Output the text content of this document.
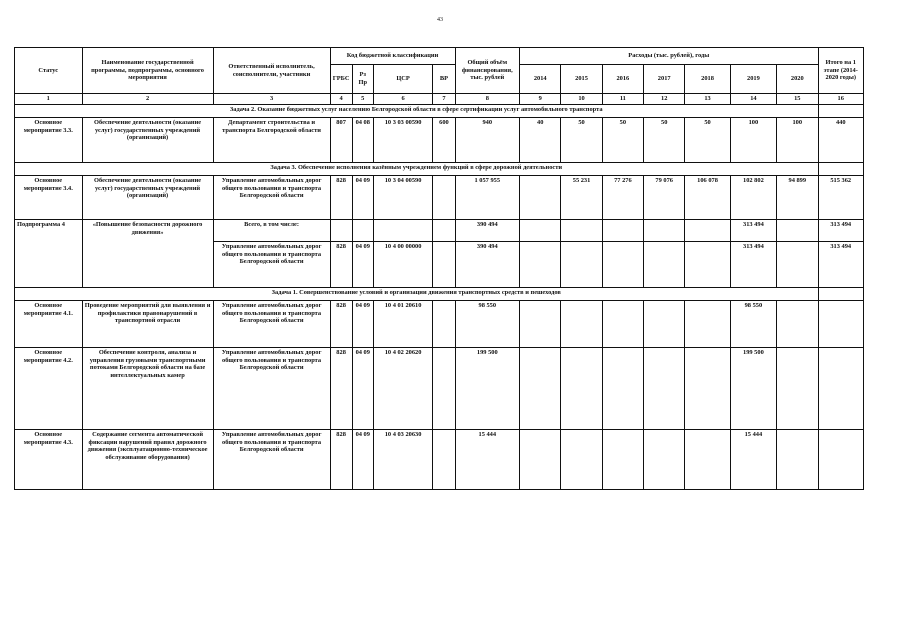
43
Статус	Наименование государственной программы, подпрограммы, основного мероприятия	Ответственный исполнитель, соисполнители, участники	Код бюджетной классификации				Общий объём финансирования, тыс. рублей	Расходы (тыс. рублей), годы							Итого на 1 этапе (2014-2020 годы)
			ГРБС	Рз Пр	ЦСР	ВР		2014	2015	2016	2017	2018	2019	2020	
1	2	3	4	5	6	7	8	9	10	11	12	13	14	15	16
Задача 2. Оказание бюджетных услуг населению Белгородской области в сфере сертификации услуг автомобильного транспорта															
Основное мероприятие 3.3.	Обеспечение деятельности (оказание услуг) государственных учреждений (организаций)	Департамент строительства и транспорта Белгородской области	807	04 08	10 3 03 00590	600	940	40	50	50	50	50	100	100	440
Задача 3. Обеспечение исполнения казённым учреждением функций в сфере дорожной деятельности															
Основное мероприятие 3.4.	Обеспечение деятельности (оказание услуг) государственных учреждений (организаций)	Управление автомобильных дорог общего пользования и транспорта Белгородской области	828	04 09	10 3 04 00590		1 057 955		55 231	77 276	79 076	106 078	102 802	94 899	515 362
Подпрограмма 4	«Повышение безопасности дорожного движения»	Всего, в том числе:					390 494						313 494		313 494
		Управление автомобильных дорог общего пользования и транспорта Белгородской области	828	04 09	10 4 00 00000		390 494						313 494		313 494
Задача 1. Совершенствование условий и организации движения транспортных средств и пешеходов															
Основное мероприятие 4.1.	Проведение мероприятий для выявления и профилактики правонарушений в транспортной отрасли	Управление автомобильных дорог общего пользования и транспорта Белгородской области	828	04 09	10 4 01 20610		98 550						98 550		
Основное мероприятие 4.2.	Обеспечение контроля, анализа и управления грузовыми транспортными потоками Белгородской области на базе интеллектуальных камер	Управление автомобильных дорог общего пользования и транспорта Белгородской области	828	04 09	10 4 02 20620		199 500						199 500		
Основное мероприятие 4.3.	Содержание сегмента автоматической фиксации нарушений правил дорожного движения (эксплуатационно-техническое обслуживание оборудования)	Управление автомобильных дорог общего пользования и транспорта Белгородской области	828	04 09	10 4 03 20630		15 444						15 444		
